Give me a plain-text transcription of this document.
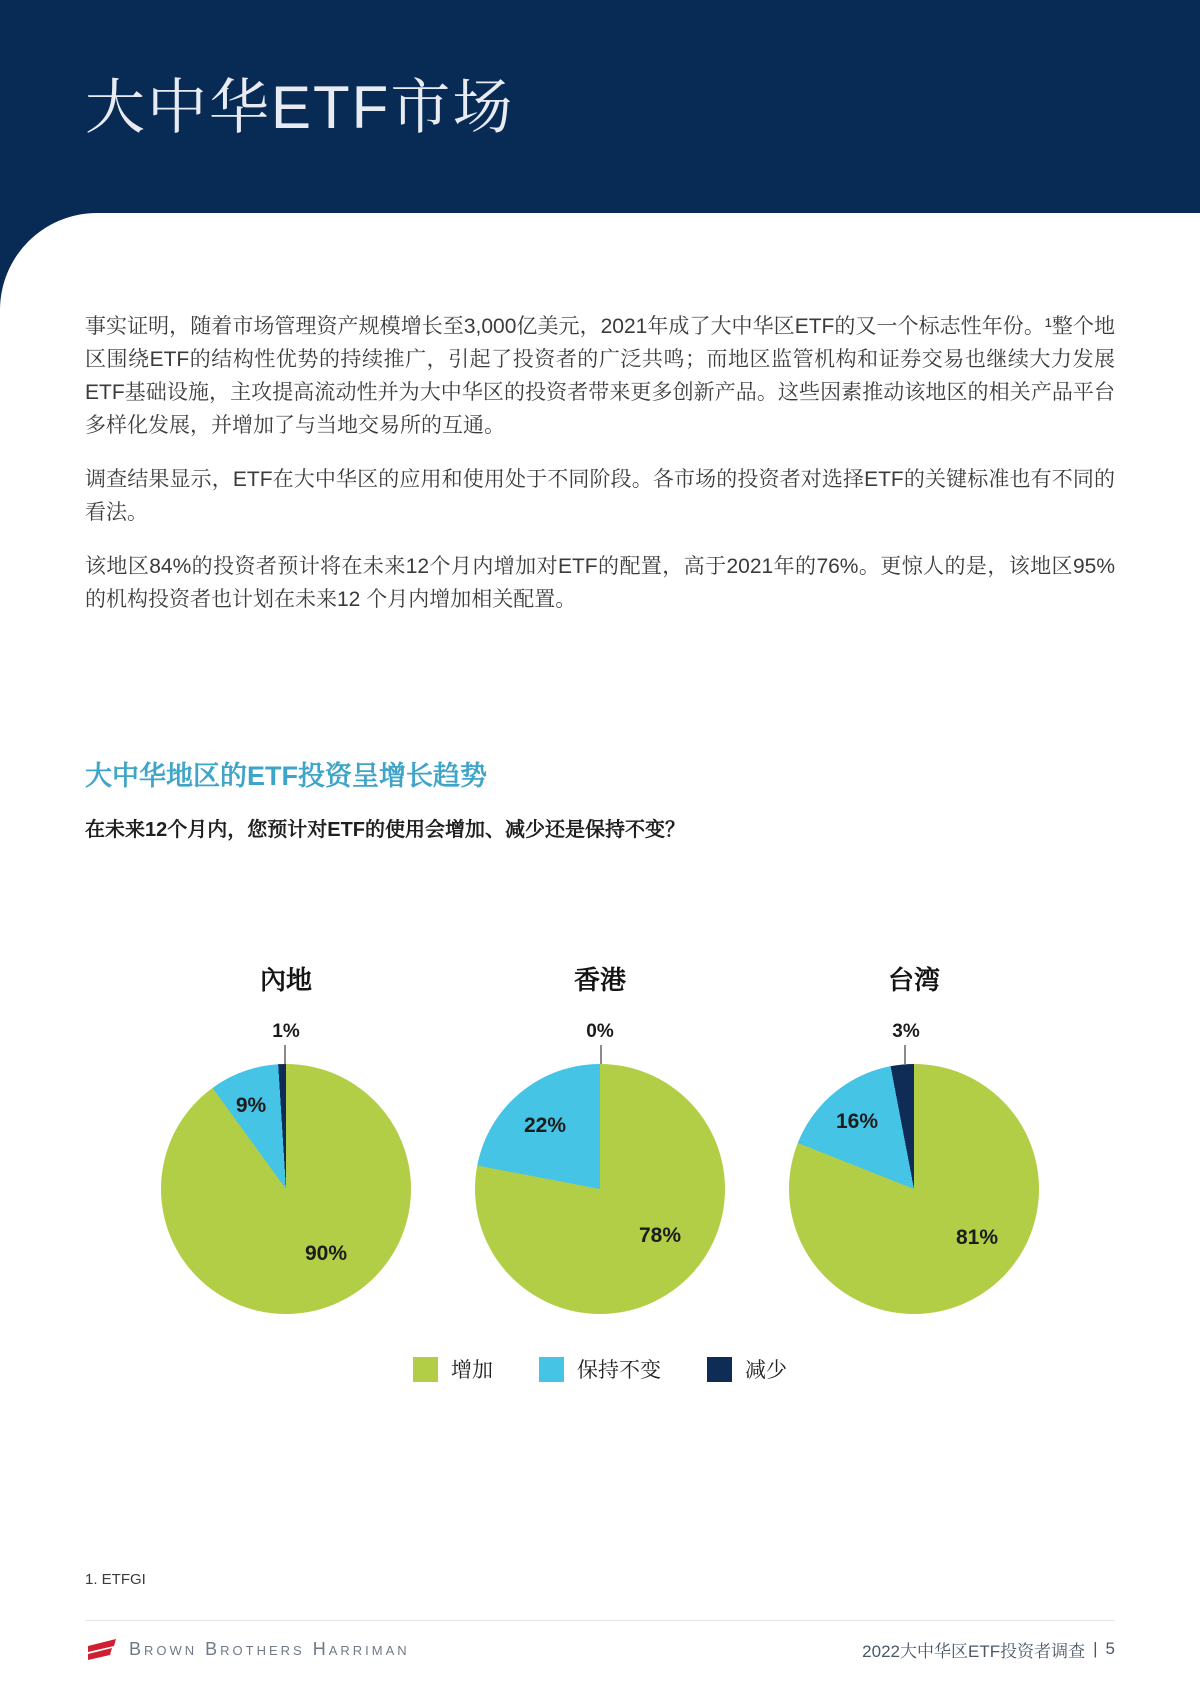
大中华ETF市场

事实证明，随着市场管理资产规模增长至3,000亿美元，2021年成了大中华区ETF的又一个标志性年份。¹整个地区围绕ETF的结构性优势的持续推广，引起了投资者的广泛共鸣；而地区监管机构和证券交易也继续大力发展ETF基础设施，主攻提高流动性并为大中华区的投资者带来更多创新产品。这些因素推动该地区的相关产品平台多样化发展，并增加了与当地交易所的互通。

调查结果显示，ETF在大中华区的应用和使用处于不同阶段。各市场的投资者对选择ETF的关键标准也有不同的看法。

该地区84%的投资者预计将在未来12个月内增加对ETF的配置，高于2021年的76%。更惊人的是，该地区95%的机构投资者也计划在未来12 个月内增加相关配置。

大中华地区的ETF投资呈增长趋势

在未来12个月内，您预计对ETF的使用会增加、减少还是保持不变？

內地
1%
9%
90%
香港
0%
22%
78%
台湾
3%
16%
81%
增加	保持不变	减少

1. ETFGI

Brown Brothers Harriman	2022大中华区ETF投资者调查 | 5
